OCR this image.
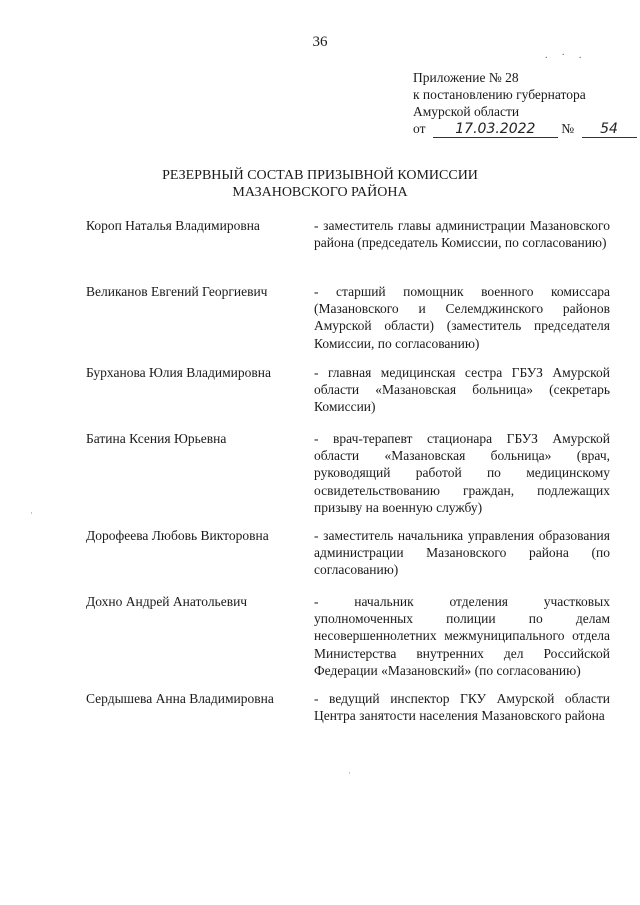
36
.·.
Приложение № 28
к постановлению губернатора
Амурской области
от 17.03.2022 № 54
РЕЗЕРВНЫЙ СОСТАВ ПРИЗЫВНОЙ КОМИССИИ
МАЗАНОВСКОГО РАЙОНА
Короп Наталья Владимировна	- заместитель главы администрации Мазановского района (председатель Комиссии, по согласованию)
Великанов Евгений Георгиевич	- старший помощник военного комиссара (Мазановского и Селемджинского районов Амурской области) (заместитель председателя Комиссии, по согласованию)
Бурханова Юлия Владимировна	- главная медицинская сестра ГБУЗ Амурской области «Мазановская больница» (секретарь Комиссии)
Батина Ксения Юрьевна	- врач-терапевт стационара ГБУЗ Амурской области «Мазановская больница» (врач, руководящий работой по медицинскому освидетельствованию граждан, подлежащих призыву на военную службу)
Дорофеева Любовь Викторовна	- заместитель начальника управления образования администрации Мазановского района (по согласованию)
Дохно Андрей Анатольевич	- начальник отделения участковых уполномоченных полиции по делам несовершеннолетних межмуниципального отдела Министерства внутренних дел Российской Федерации «Мазановский» (по согласованию)
Сердышева Анна Владимировна	- ведущий инспектор ГКУ Амурской области Центра занятости населения Мазановского района
·
·
